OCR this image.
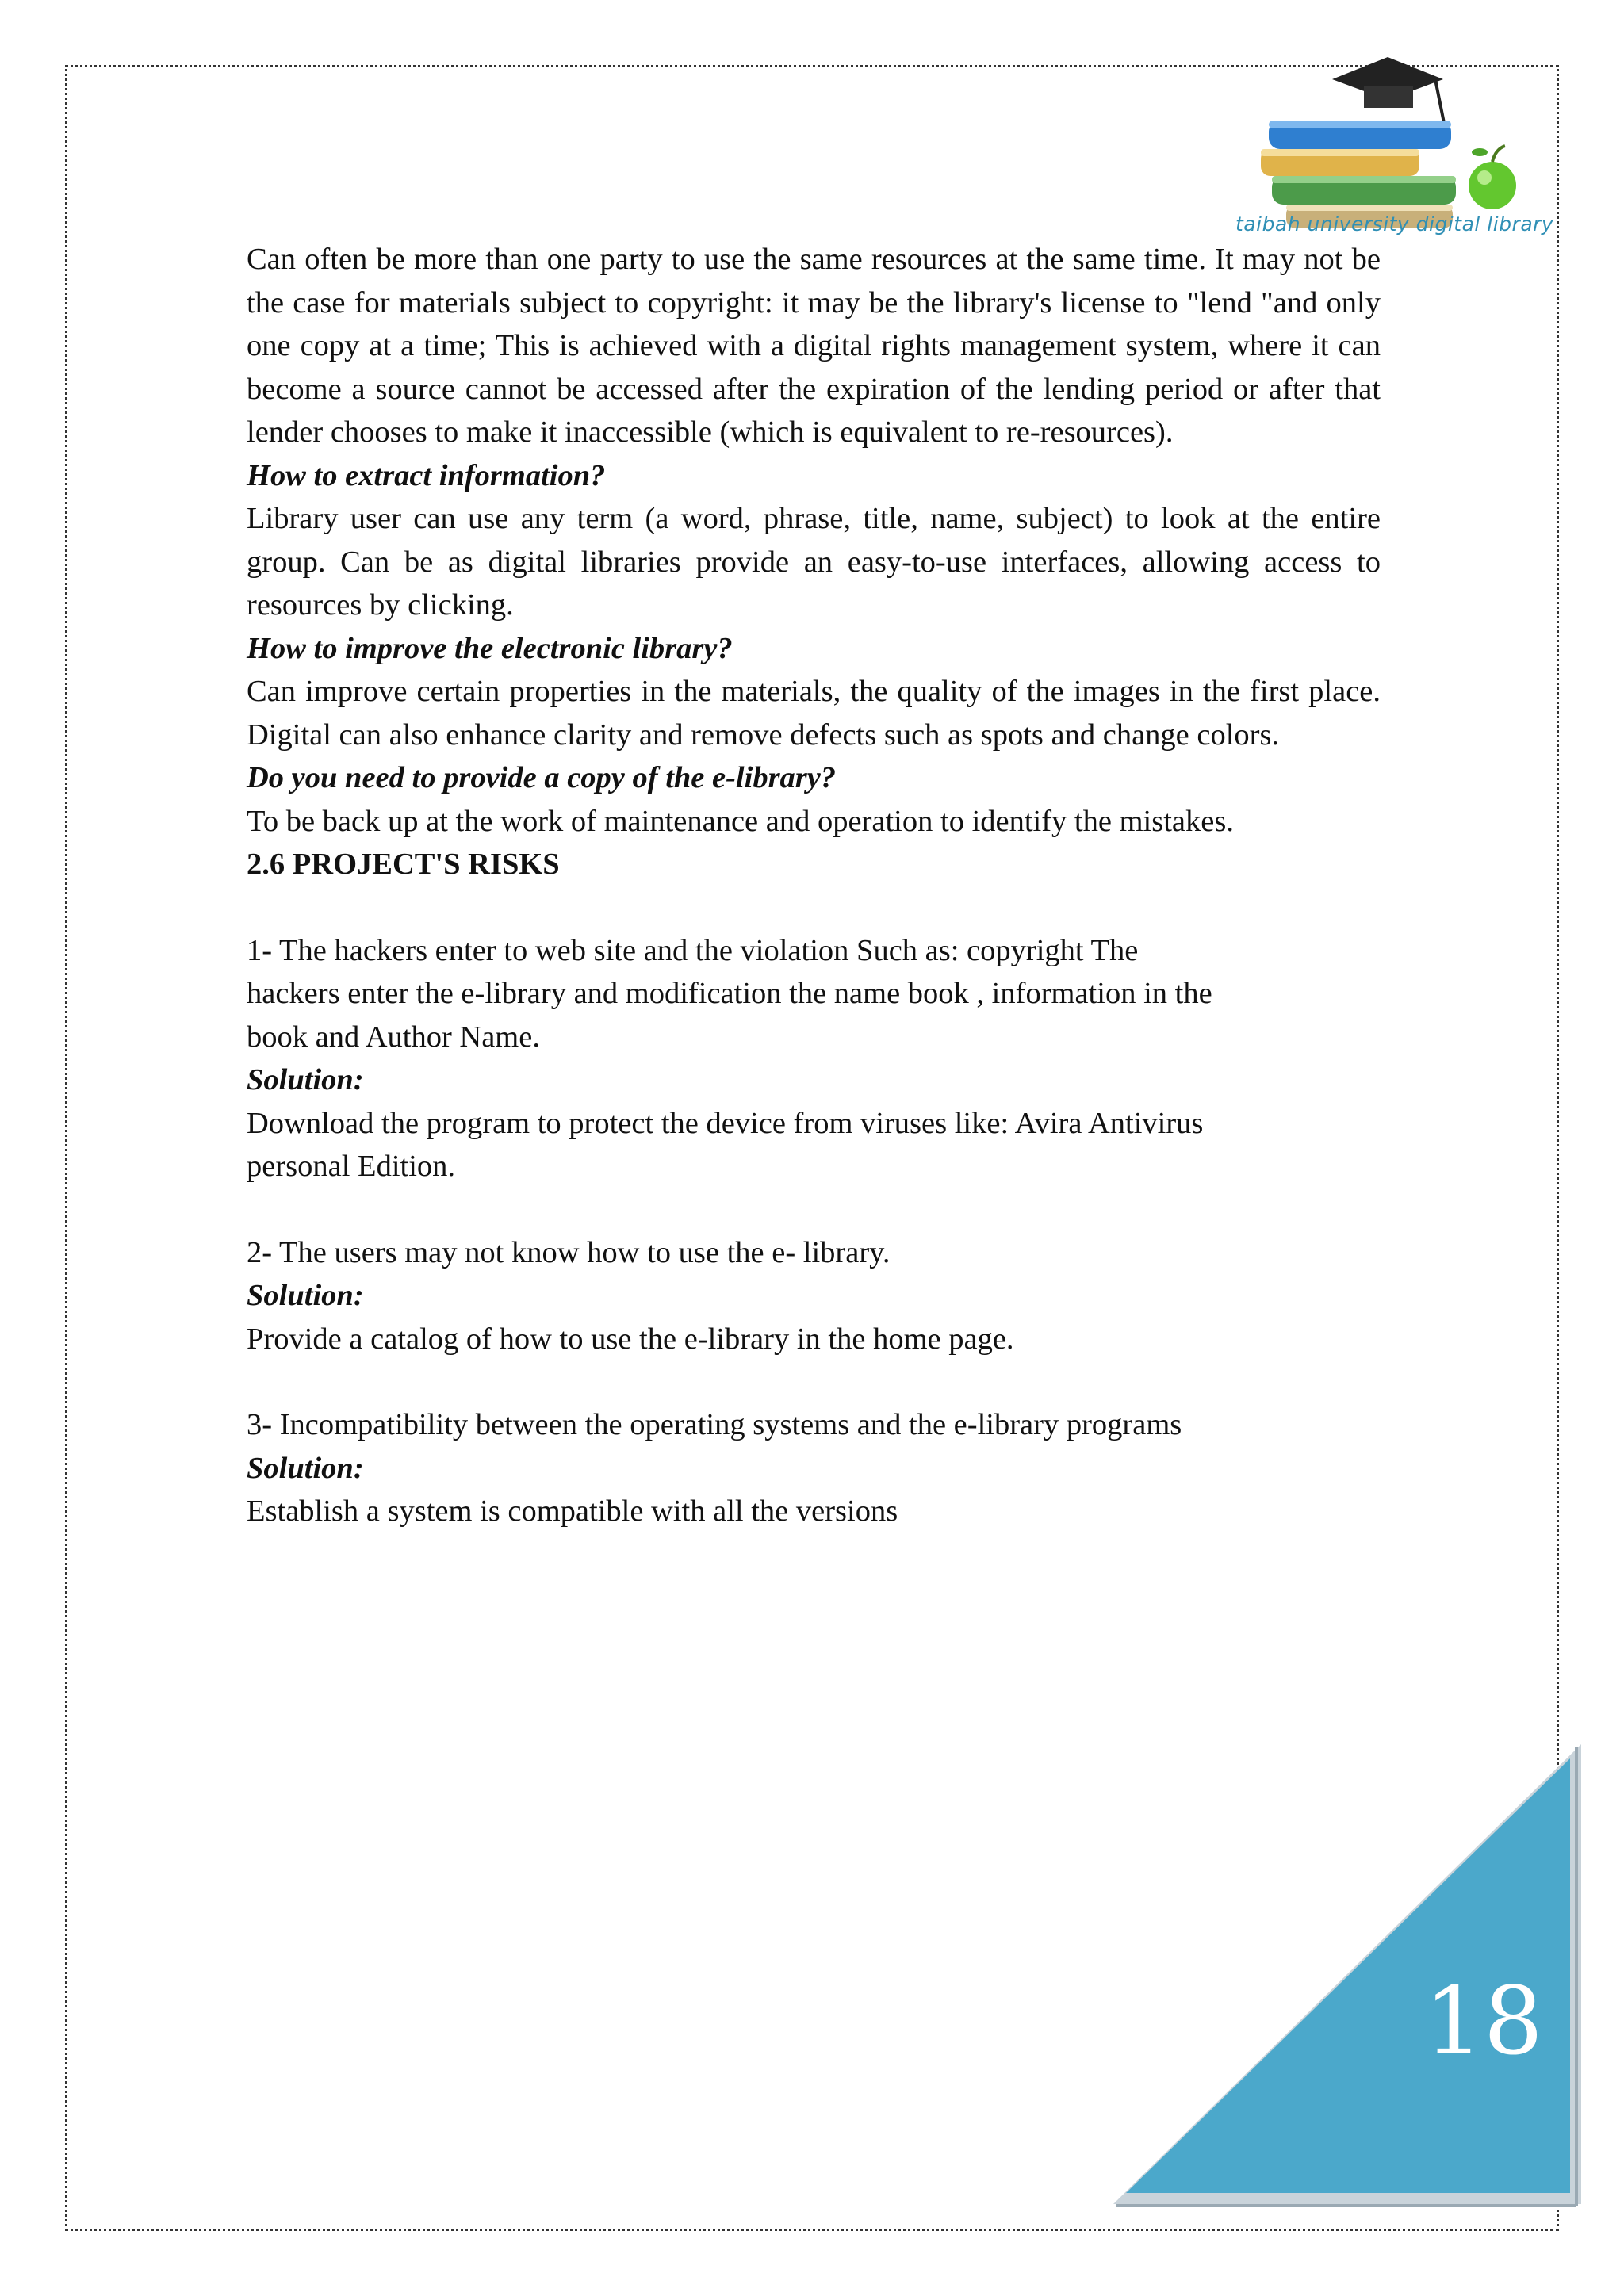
taibah university digital library

Can often be more than one party to use the same resources at the same time. It may not be the case for materials subject to copyright: it may be the library's license to "lend "and only one copy at a time; This is achieved with a digital rights management system, where it can become a source cannot be accessed after the expiration of the lending period or after that lender chooses to make it inaccessible (which is equivalent to re-resources).

How to extract information?

Library user can use any term (a word, phrase, title, name, subject) to look at the entire group. Can be as digital libraries provide an easy-to-use interfaces, allowing access to resources by clicking.

How to improve the electronic library?

Can improve certain properties in the materials, the quality of the images in the first place. Digital can also enhance clarity and remove defects such as spots and change colors.

Do you need to provide a copy of the e-library?

To be back up at the work of maintenance and operation to identify the mistakes.

2.6 PROJECT'S RISKS

1- The hackers enter to web site and the violation Such as: copyright The hackers enter the e-library and modification the name book , information in the book and Author Name.

Solution:

Download the program to protect the device from viruses like: Avira Antivirus personal Edition.

2- The users may not know how to use the e- library.

Solution:

Provide a catalog of how to use the e-library in the home page.

3- Incompatibility between the operating systems and the e-library programs

Solution:

Establish a system is compatible with all the versions

18
